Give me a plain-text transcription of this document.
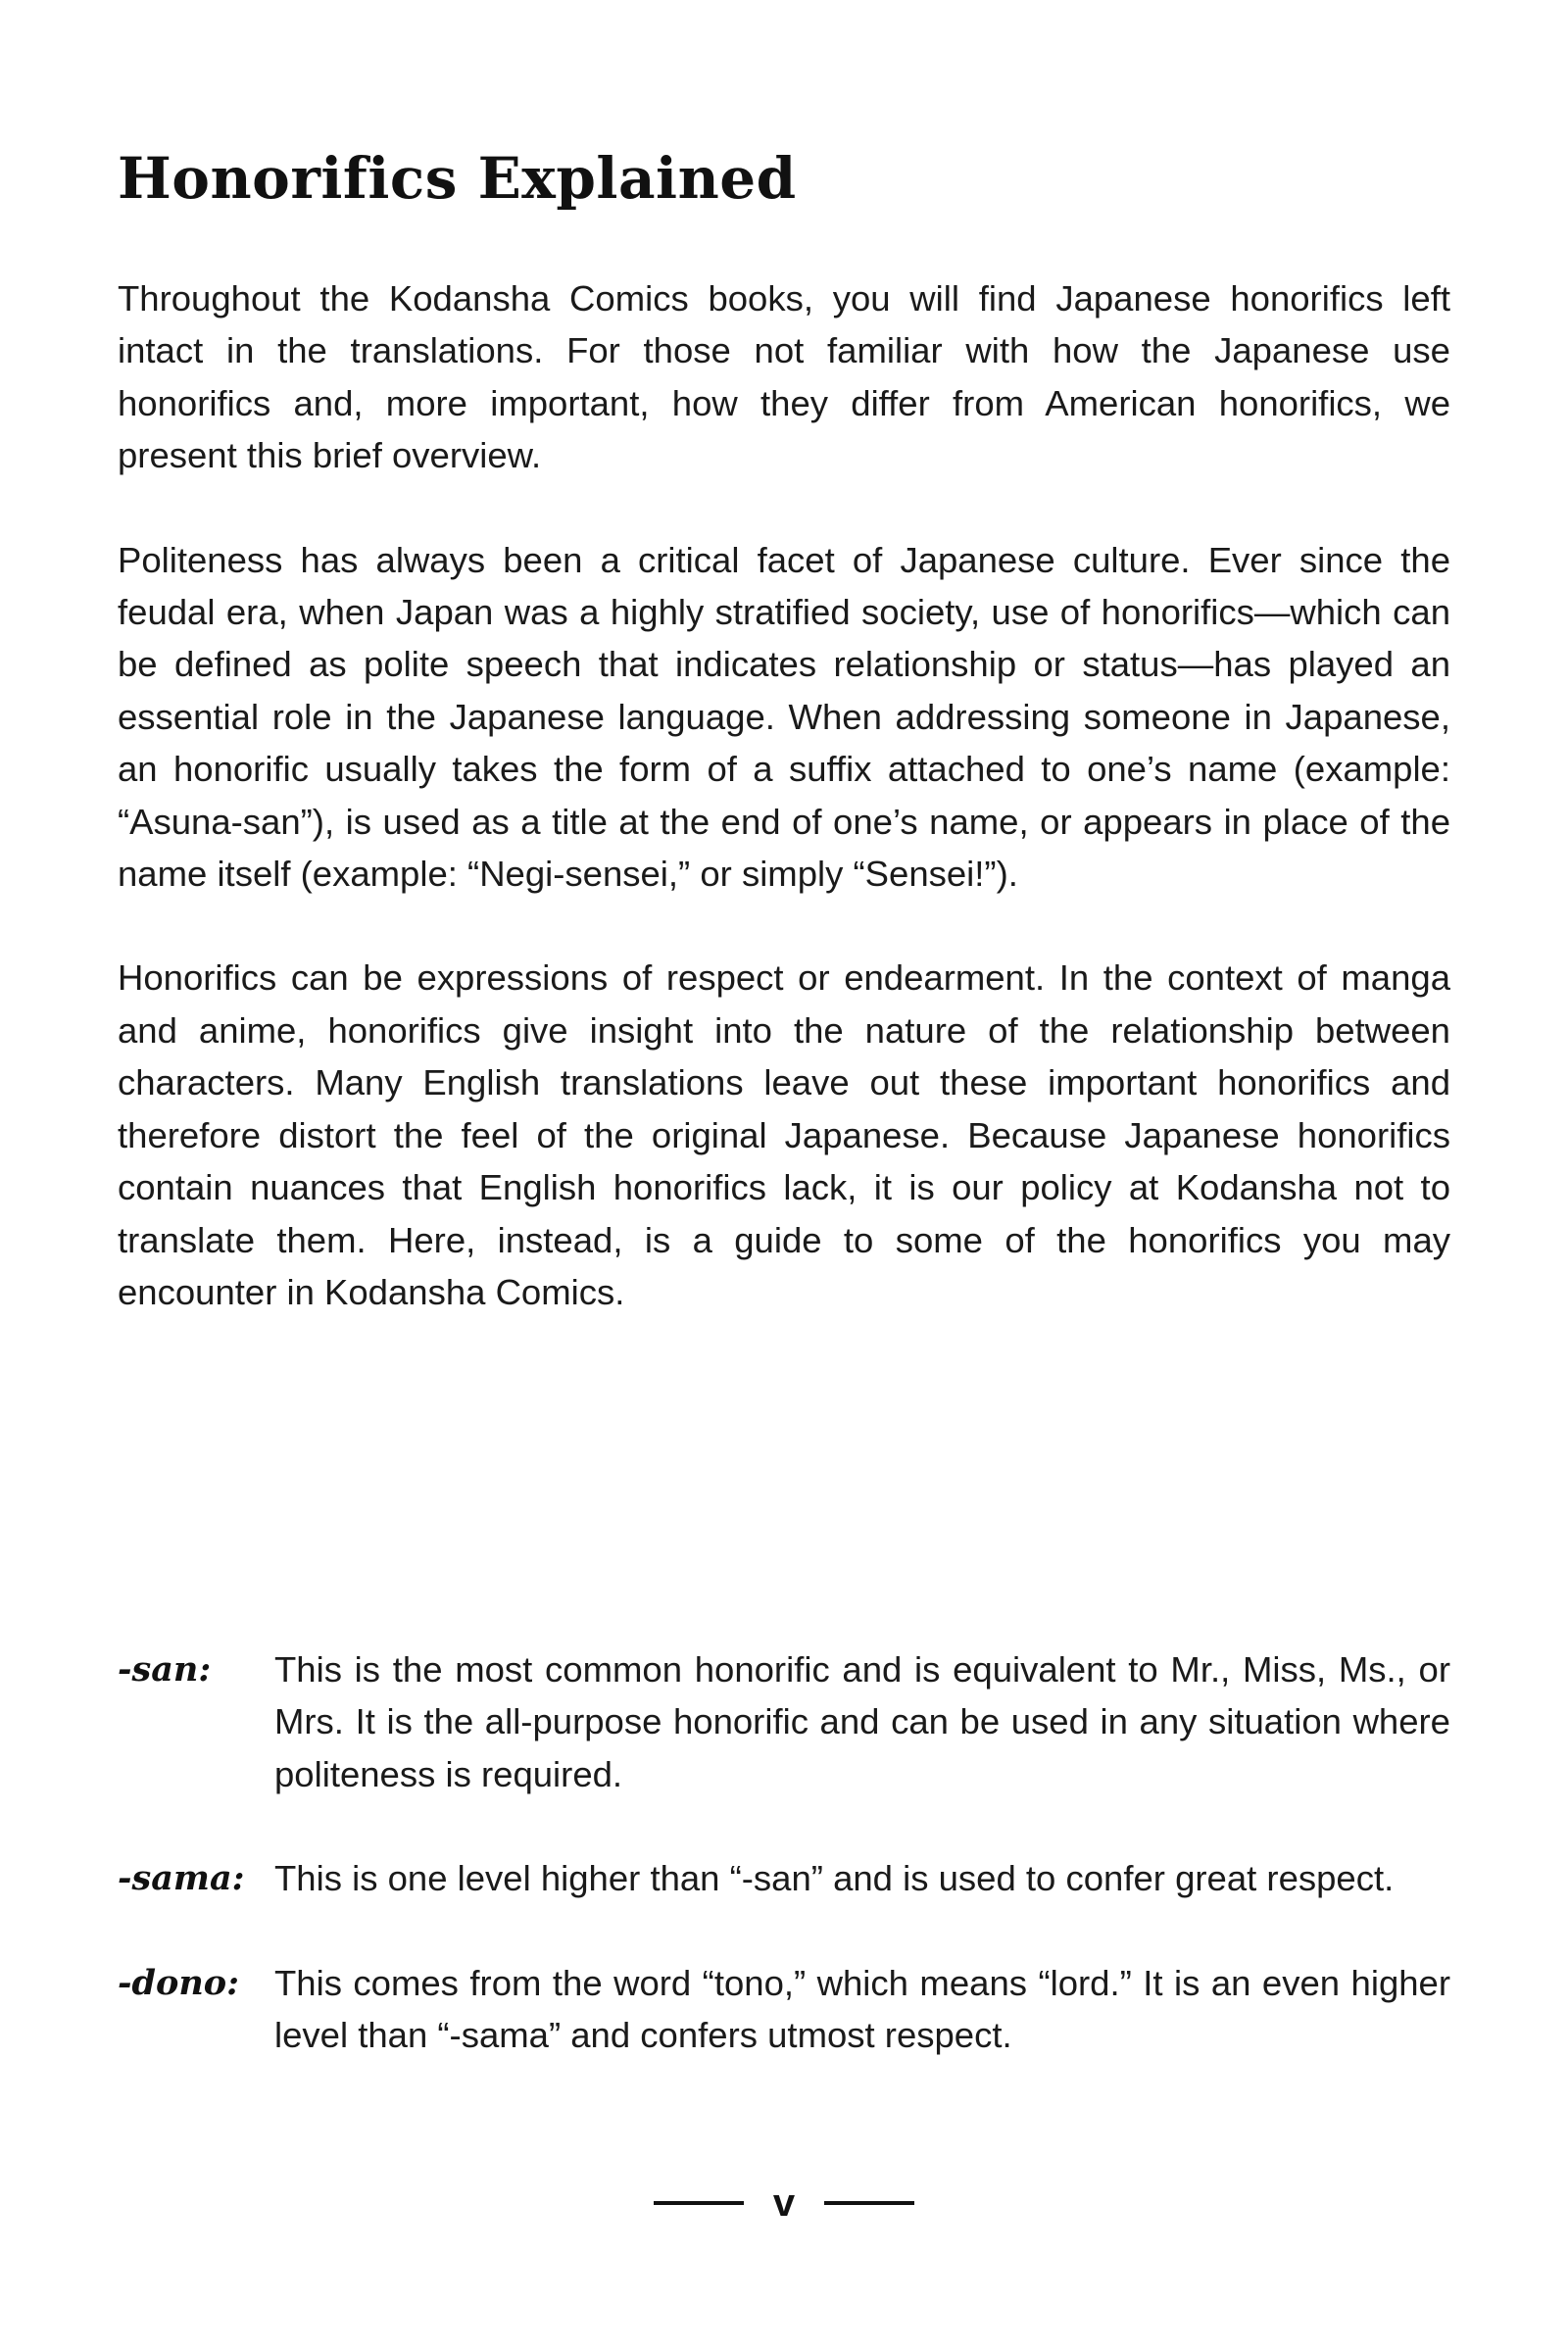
Honorifics Explained

Throughout the Kodansha Comics books, you will find Japanese honorifics left intact in the translations. For those not familiar with how the Japanese use honorifics and, more important, how they differ from American honorifics, we present this brief overview.

Politeness has always been a critical facet of Japanese culture. Ever since the feudal era, when Japan was a highly stratified society, use of honorifics—which can be defined as polite speech that indicates relationship or status—has played an essential role in the Japanese language. When addressing someone in Japanese, an honorific usually takes the form of a suffix attached to one’s name (example: “Asuna-san”), is used as a title at the end of one’s name, or appears in place of the name itself (example: “Negi-sensei,” or simply “Sensei!”).

Honorifics can be expressions of respect or endearment. In the context of manga and anime, honorifics give insight into the nature of the relationship between characters. Many English translations leave out these important honorifics and therefore distort the feel of the original Japanese. Because Japanese honorifics contain nuances that English honorifics lack, it is our policy at Kodansha not to translate them. Here, instead, is a guide to some of the honorifics you may encounter in Kodansha Comics.

-san:	This is the most common honorific and is equivalent to Mr., Miss, Ms., or Mrs. It is the all-purpose honorific and can be used in any situation where politeness is required.
-sama: This is one level higher than “-san” and is used to confer great respect.
-dono: This comes from the word “tono,” which means “lord.” It is an even higher level than “-sama” and confers utmost respect.
v
